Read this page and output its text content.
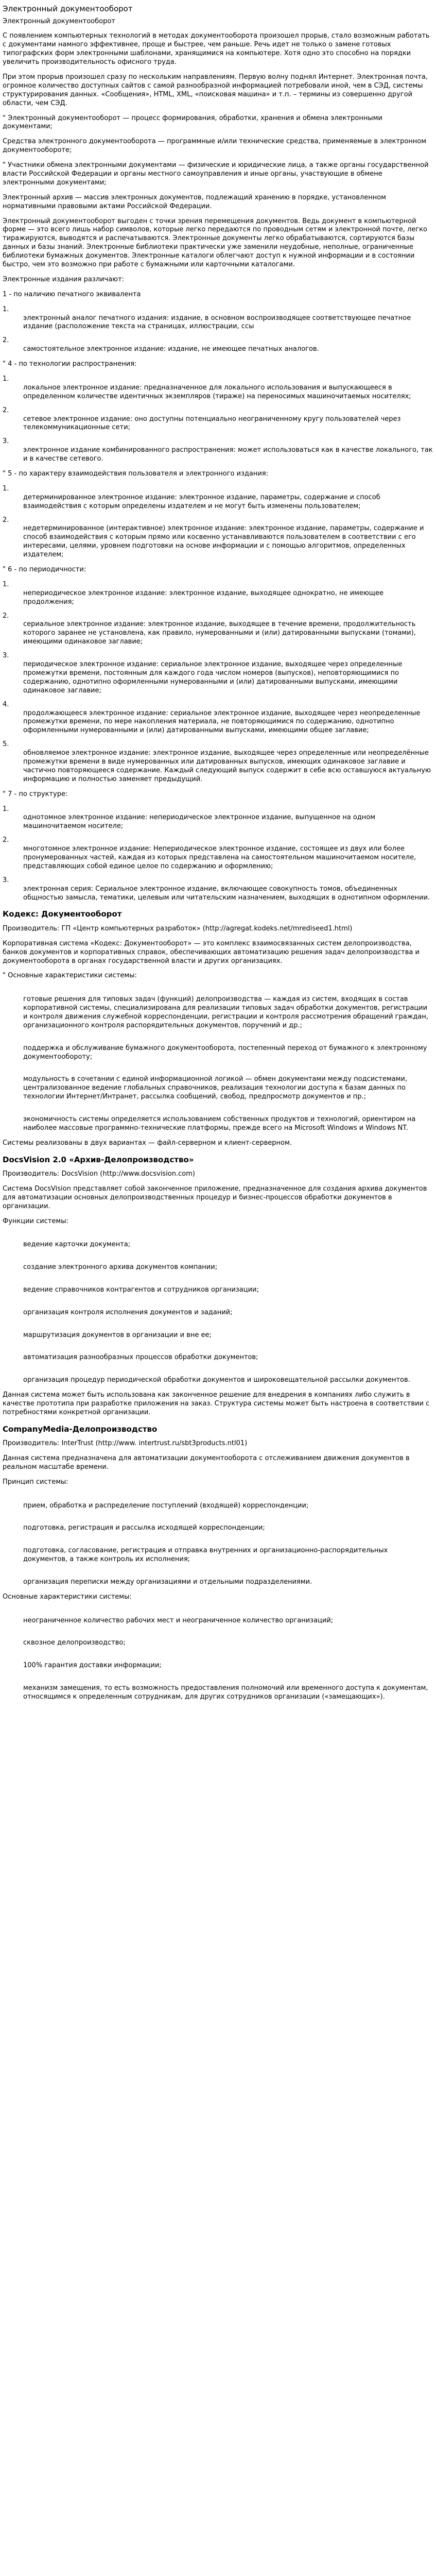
Электронный документооборот

Электронный документооборот

С появлением компьютерных технологий в методах документооборота произошел прорыв, стало возможным работать с документами намного эффективнее, проще и быстрее, чем раньше. Речь идет не только о замене готовых типографских форм электронными шаблонами, хранящимися на компьютере. Хотя одно это способно на порядки увеличить производительность офисного труда.

При этом прорыв произошел сразу по нескольким направлениям. Первую волну поднял Интернет. Электронная почта, огромное количество доступных сайтов с самой разнообразной информацией потребовали иной, чем в СЭД, системы структурирования данных. «Сообщения», HTML, XML, «поисковая машина» и т.п. – термины из совершенно другой области, чем СЭД.

" Электронный документооборот — процесс формирования, обработки, хранения и обмена электронными документами;

Средства электронного документооборота — программные и/или технические средства, применяемые в электронном документообороте;

" Участники обмена электронными документами — физические и юридические лица, а также органы государственной власти Российской Федерации и органы местного самоуправления и иные органы, участвующие в обмене электронными документами;

Электронный архив — массив электронных документов, подлежащий хранению в порядке, установленном нормативными правовыми актами Российской Федерации.

Электронный документооборот выгоден с точки зрения перемещения документов. Ведь документ в компьютерной форме — это всего лишь набор символов, которые легко передаются по проводным сетям и электронной почте, легко тиражируются, выводятся и распечатываются. Электронные документы легко обрабатываются, сортируются базы данных и базы знаний. Электронные библиотеки практически уже заменили неудобные, неполные, ограниченные библиотеки бумажных документов. Электронные каталоги облегчают доступ к нужной информации и в состоянии быстро, чем это возможно при работе с бумажными или карточными каталогами.

Электронные издания различают:

1 - по наличию печатного эквивалента

1.
электронный аналог печатного издания: издание, в основном воспроизводящее соответствующее печатное издание (расположение текста на страницах, иллюстрации, ссы
2.
самостоятельное электронное издание: издание, не имеющее печатных аналогов.

" 4 - по технологии распространения:

1.
локальное электронное издание: предназначенное для локального использования и выпускающееся в определенном количестве идентичных экземпляров (тираже) на переносимых машиночитаемых носителях;
2.
сетевое электронное издание: оно доступны потенциально неограниченному кругу пользователей через телекоммуникационные сети;
3.
электронное издание комбинированного распространения: может использоваться как в качестве локального, так и в качестве сетевого.

" 5 - по характеру взаимодействия пользователя и электронного издания:

1.
детерминированное электронное издание: электронное издание, параметры, содержание и способ взаимодействия с которым определены издателем и не могут быть изменены пользователем;
2.
недетерминированное (интерактивное) электронное издание: электронное издание, параметры, содержание и способ взаимодействия с которым прямо или косвенно устанавливаются пользователем в соответствии с его интересами, целями, уровнем подготовки на основе информации и с помощью алгоритмов, определенных издателем;

" 6 - по периодичности:

1.
непериодическое электронное издание: электронное издание, выходящее однократно, не имеющее продолжения;
2.
сериальное электронное издание: электронное издание, выходящее в течение времени, продолжительность которого заранее не установлена, как правило, нумерованными и (или) датированными выпусками (томами), имеющими одинаковое заглавие;
3.
периодическое электронное издание: сериальное электронное издание, выходящее через определенные промежутки времени, постоянным для каждого года числом номеров (выпусков), неповторяющимися по содержанию, однотипно оформленными нумерованными и (или) датированными выпусками, имеющими одинаковое заглавие;
4.
продолжающееся электронное издание: сериальное электронное издание, выходящее через неопределенные промежутки времени, по мере накопления материала, не повторяющимися по содержанию, однотипно оформленными нумерованными и (или) датированными выпусками, имеющими общее заглавие;
5.
обновляемое электронное издание: электронное издание, выходящее через определенные или неопределённые промежутки времени в виде нумерованных или датированных выпусков, имеющих одинаковое заглавие и частично повторяющееся содержание. Каждый следующий выпуск содержит в себе всю оставшуюся актуальную информацию и полностью заменяет предыдущий.

" 7 - по структуре:

1.
однотомное электронное издание: непериодическое электронное издание, выпущенное на одном машиночитаемом носителе;
2.
многотомное электронное издание: Непериодическое электронное издание, состоящее из двух или более пронумерованных частей, каждая из которых представлена на самостоятельном машиночитаемом носителе, представляющих собой единое целое по содержанию и оформлению;
3.
электронная серия: Сериальное электронное издание, включающее совокупность томов, объединенных общностью замысла, тематики, целевым или читательским назначением, выходящих в однотипном оформлении.
Кодекс: Документооборот

Производитель: ГП «Центр компьютерных разработок» (http://agregat.kodeks.net/mrediseed1.html)

Корпоративная система «Кодекс: Документооборот» — это комплекс взаимосвязанных систем делопроизводства, банков документов и корпоративных справок, обеспечивающих автоматизацию решения задач делопроизводства и документооборота в органах государственной власти и других организациях.

" Основные характеристики системы:

готовые решения для типовых задач (функций) делопроизводства — каждая из систем, входящих в состав корпоративной системы, специализирована для реализации типовых задач обработки документов, регистрации и контроля движения служебной корреспонденции, регистрации и контроля рассмотрения обращений граждан, организационного контроля распорядительных документов, поручений и др.;

поддержка и обслуживание бумажного документооборота, постепенный переход от бумажного к электронному документообороту;

модульность в сочетании с единой информационной логикой — обмен документами между подсистемами, централизованное ведение глобальных справочников, реализация технологии доступа к базам данных по технологии Интернет/Интранет, рассылка сообщений, свобод, предпросмотр документов и пр.;

экономичность системы определяется использованием собственных продуктов и технологий, ориентиром на наиболее массовые программно-технические платформы, прежде всего на Microsoft Windows и Windows NT.

Системы реализованы в двух вариантах — файл-серверном и клиент-серверном.

DocsVision 2.0 «Архив-Делопроизводство»

Производитель: DocsVision (http://www.docsvision.com)

Система DocsVision представляет собой законченное приложение, предназначенное для создания архива документов для автоматизации основных делопроизводственных процедур и бизнес-процессов обработки документов в организации.

Функции системы:

ведение карточки документа;

создание электронного архива документов компании;

ведение справочников контрагентов и сотрудников организации;

организация контроля исполнения документов и заданий;

маршрутизация документов в организации и вне ее;

автоматизация разнообразных процессов обработки документов;

организация процедур периодической обработки документов и широковещательной рассылки документов.

Данная система может быть использована как законченное решение для внедрения в компаниях либо служить в качестве прототипа при разработке приложения на заказ. Структура системы может быть настроена в соответствии с потребностями конкретной организации.

CompanyMedia-Делопроизводство

Производитель: InterTrust (http://www. intertrust.ru/sbt3products.ntl01)

Данная система предназначена для автоматизации документооборота с отслеживанием движения документов в реальном масштабе времени.

Принцип системы:

прием, обработка и распределение поступлений (входящей) корреспонденции;

подготовка, регистрация и рассылка исходящей корреспонденции;

подготовка, согласование, регистрация и отправка внутренних и организационно-распорядительных документов, а также контроль их исполнения;

организация переписки между организациями и отдельными подразделениями.

Основные характеристики системы:

неограниченное количество рабочих мест и неограниченное количество организаций;

сквозное делопроизводство;

100% гарантия доставки информации;

механизм замещения, то есть возможность предоставления полномочий или временного доступа к документам, относящимся к определенным сотрудникам, для других сотрудников организации («замещающих»).
